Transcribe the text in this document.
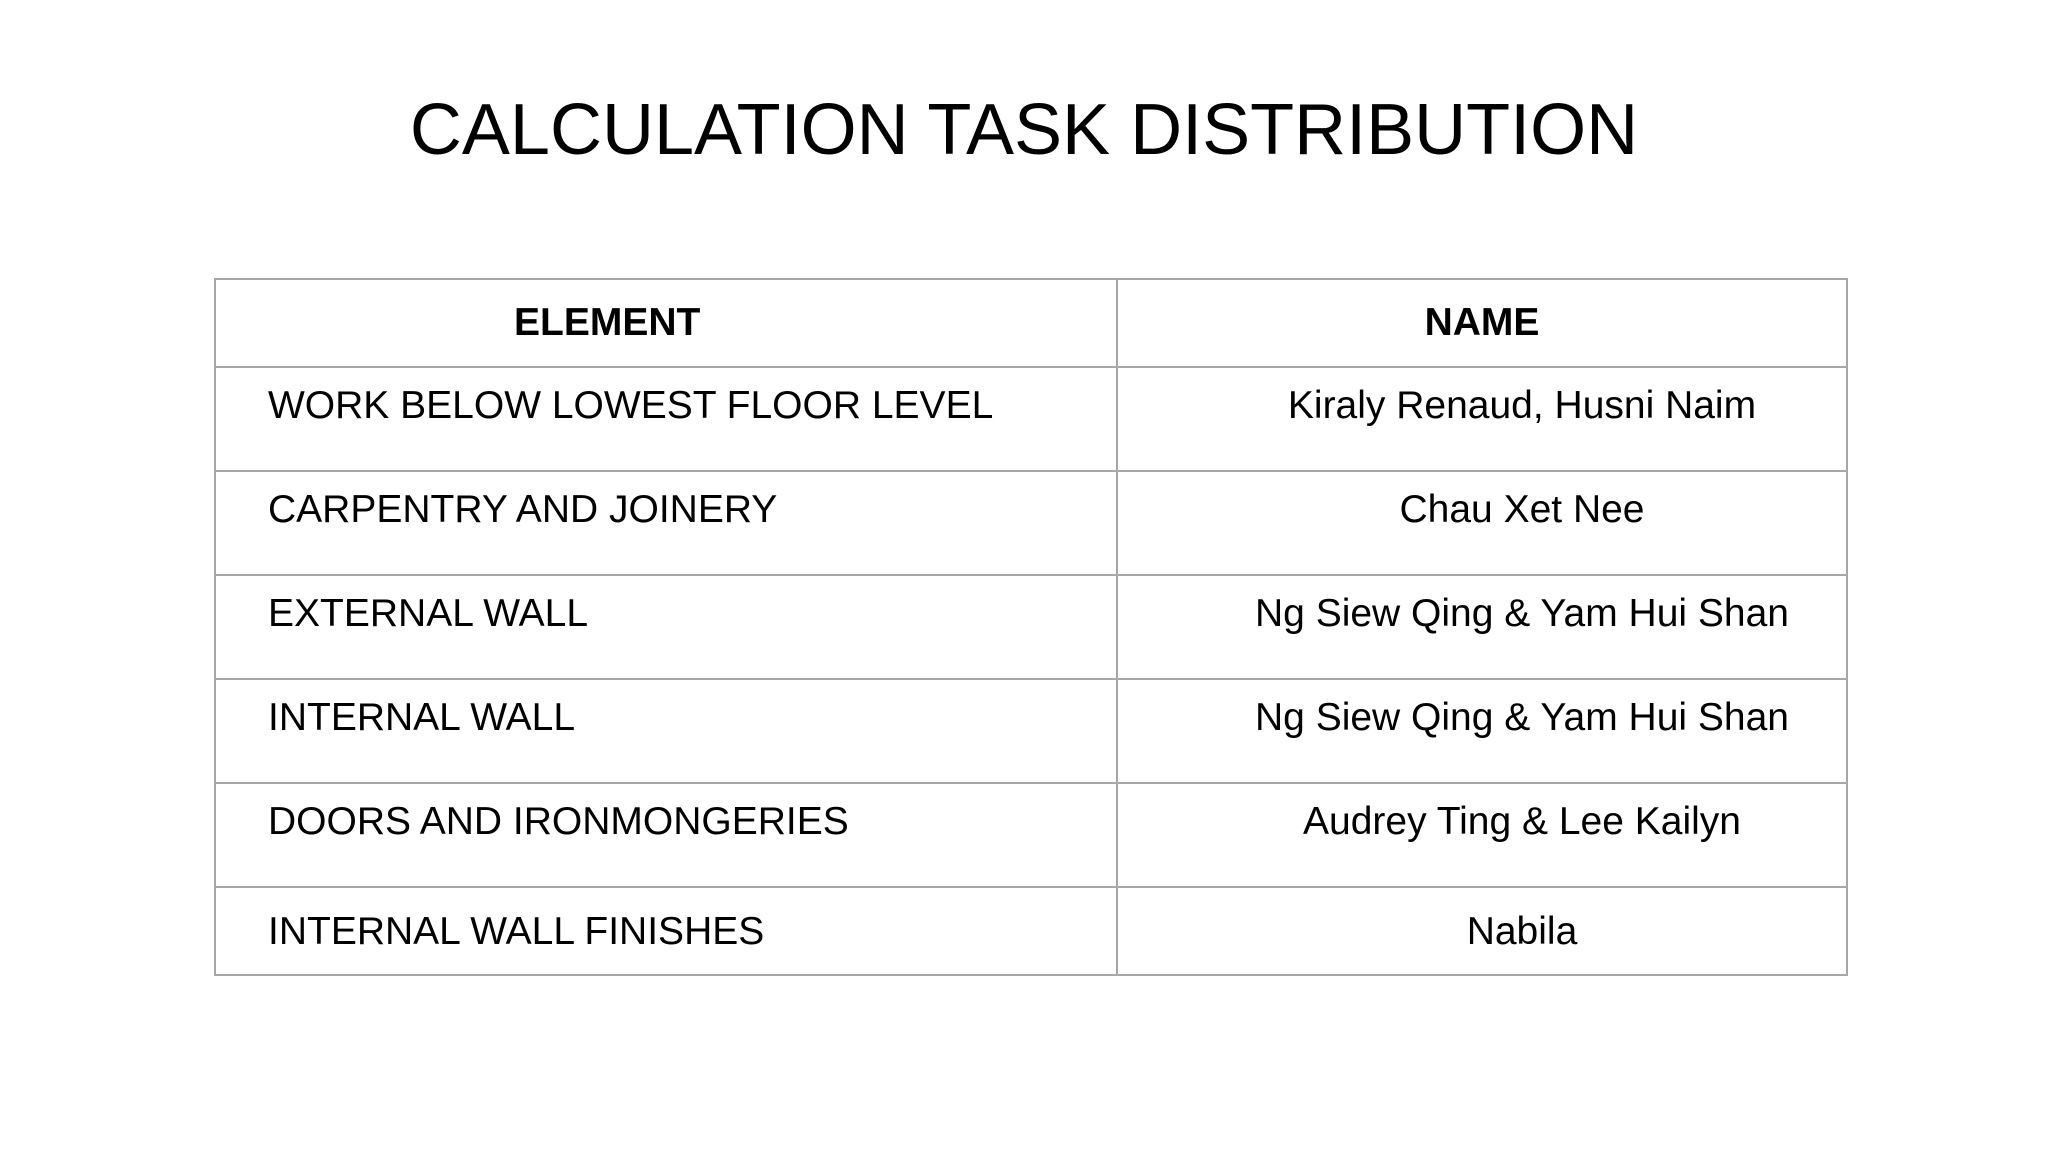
CALCULATION TASK DISTRIBUTION
ELEMENT	NAME
WORK BELOW LOWEST FLOOR LEVEL	Kiraly Renaud, Husni Naim
CARPENTRY AND JOINERY	Chau Xet Nee
EXTERNAL WALL	Ng Siew Qing & Yam Hui Shan
INTERNAL WALL	Ng Siew Qing & Yam Hui Shan
DOORS AND IRONMONGERIES	Audrey Ting & Lee Kailyn
INTERNAL WALL FINISHES	Nabila
